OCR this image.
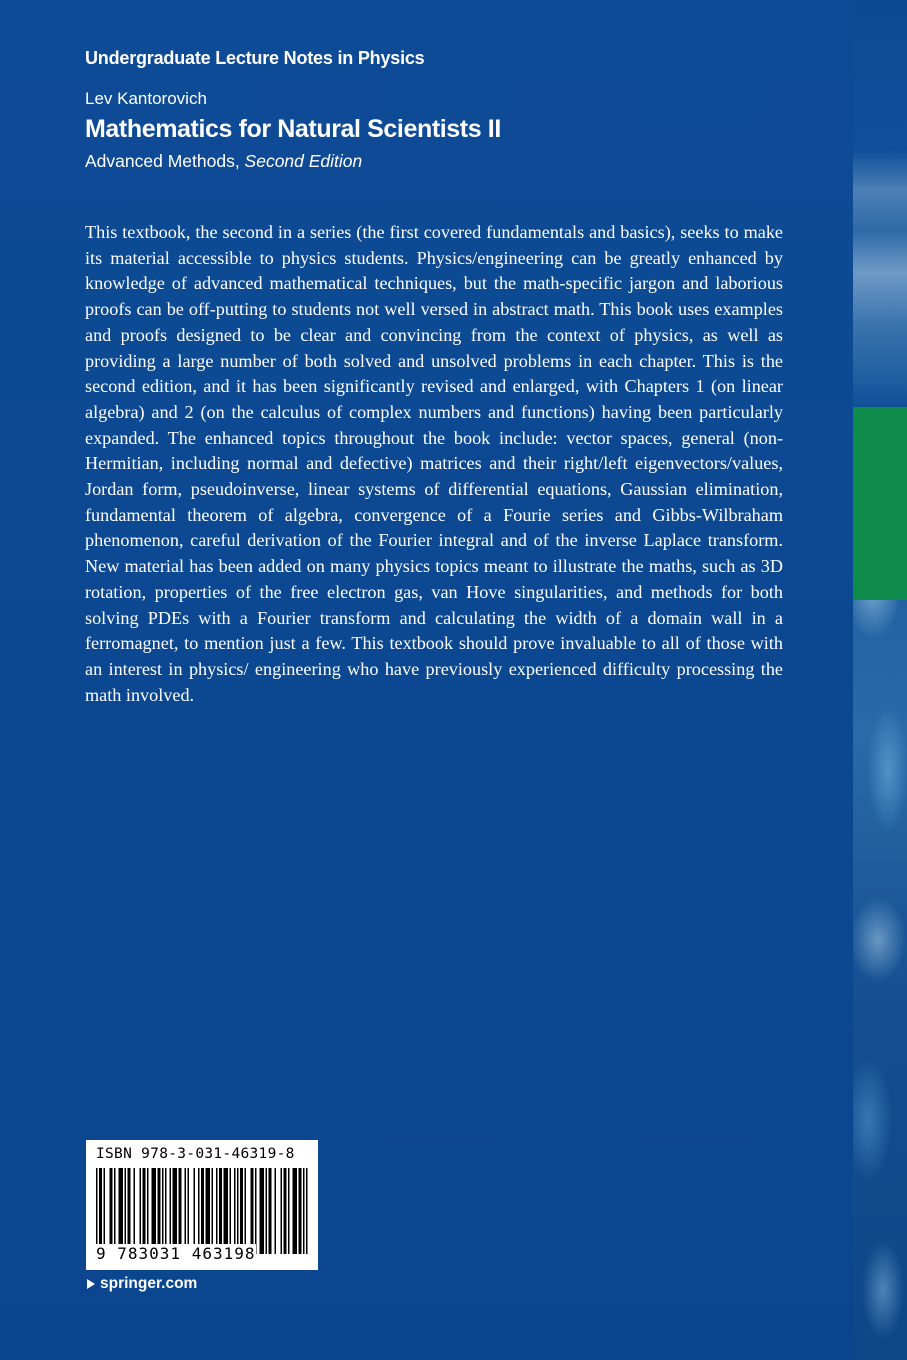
Undergraduate Lecture Notes in Physics

Lev Kantorovich

Mathematics for Natural Scientists II

Advanced Methods, Second Edition

This textbook, the second in a series (the first covered fundamentals and basics), seeks to make its material accessible to physics students. Physics/engineering can be greatly enhanced by knowledge of advanced mathematical techniques, but the math-specific jargon and laborious proofs can be off-putting to students not well versed in abstract math. This book uses examples and proofs designed to be clear and convincing from the context of physics, as well as providing a large number of both solved and unsolved problems in each chapter. This is the second edition, and it has been significantly revised and enlarged, with Chapters 1 (on linear algebra) and 2 (on the calculus of complex numbers and functions) having been particularly expanded. The enhanced topics throughout the book include: vector spaces, general (non-Hermitian, including normal and defective) matrices and their right/left eigenvectors/values, Jordan form, pseudoinverse, linear systems of differential equations, Gaussian elimination, fundamental theorem of algebra, convergence of a Fourie series and Gibbs-Wilbraham phenomenon, careful derivation of the Fourier integral and of the inverse Laplace transform. New material has been added on many physics topics meant to illustrate the maths, such as 3D rotation, properties of the free electron gas, van Hove singularities, and methods for both solving PDEs with a Fourier transform and calculating the width of a domain wall in a ferromagnet, to mention just a few. This textbook should prove invaluable to all of those with an interest in physics/ engineering who have previously experienced difficulty processing the math involved.

ISBN 978-3-031-46319-8

9 783031 463198

springer.com
